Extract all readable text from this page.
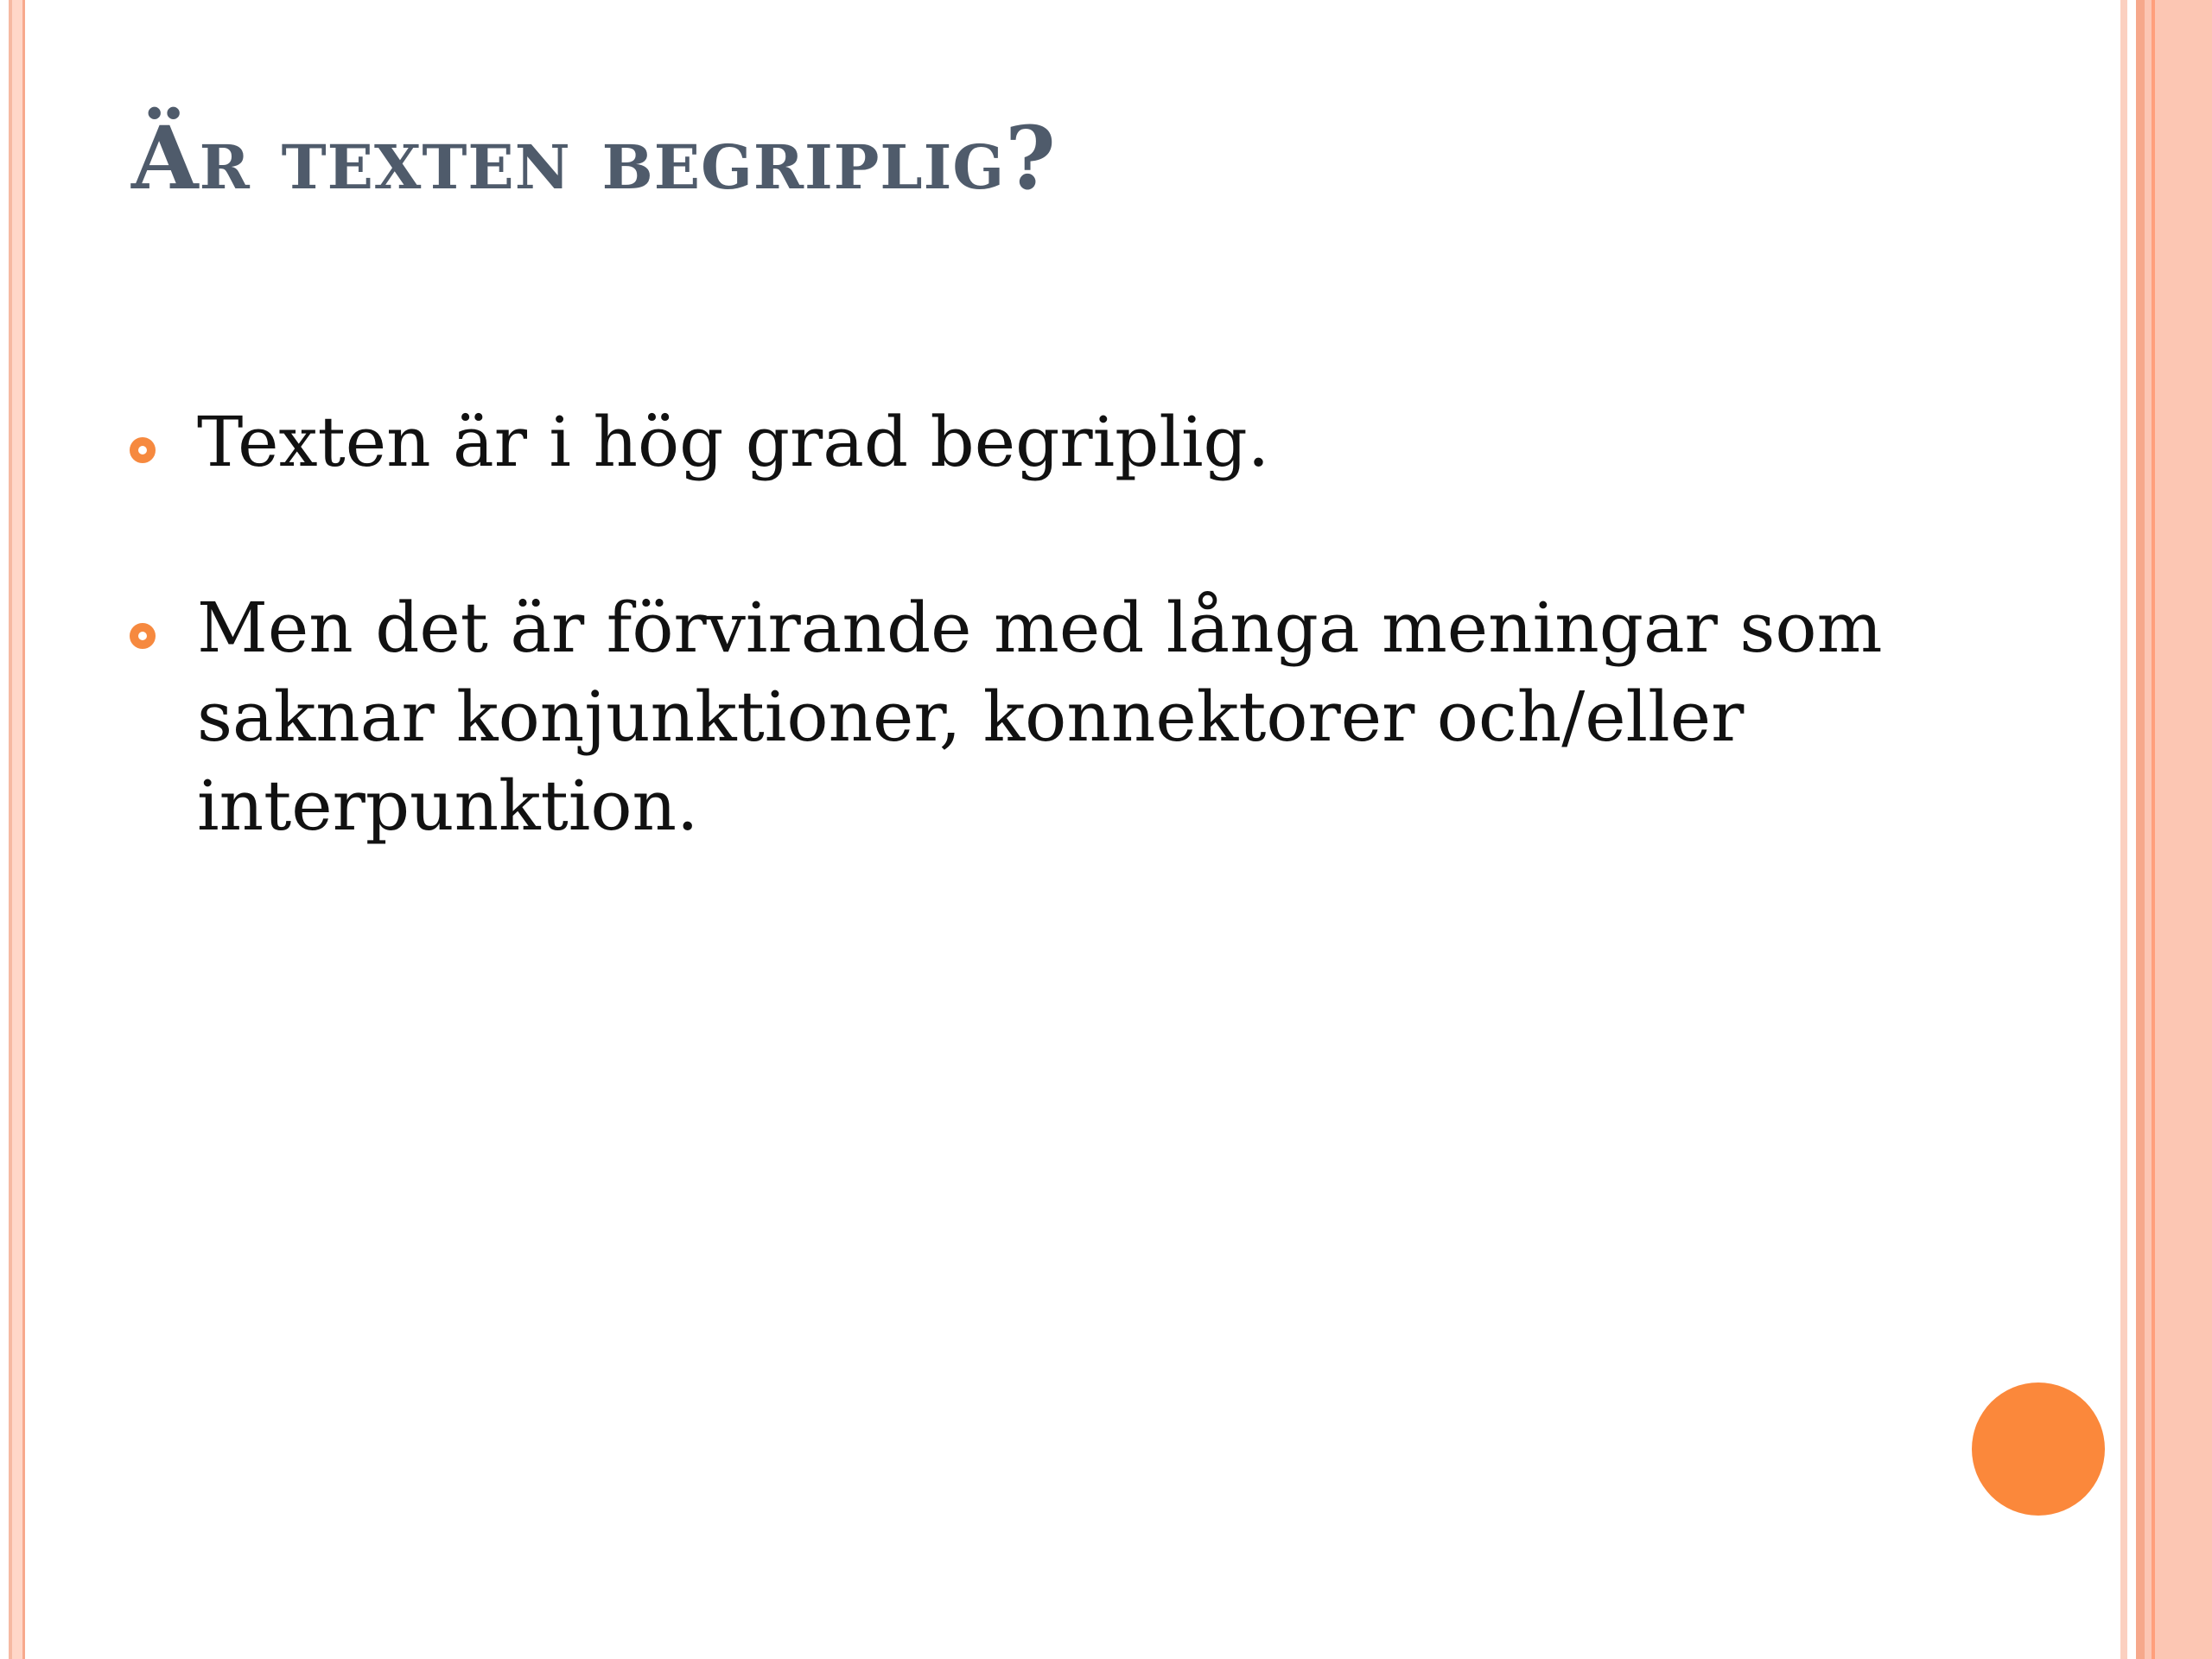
Är texten begriplig?
Texten är i hög grad begriplig.
Men det är förvirande med långa meningar som saknar konjunktioner, konnektorer och/eller interpunktion.
